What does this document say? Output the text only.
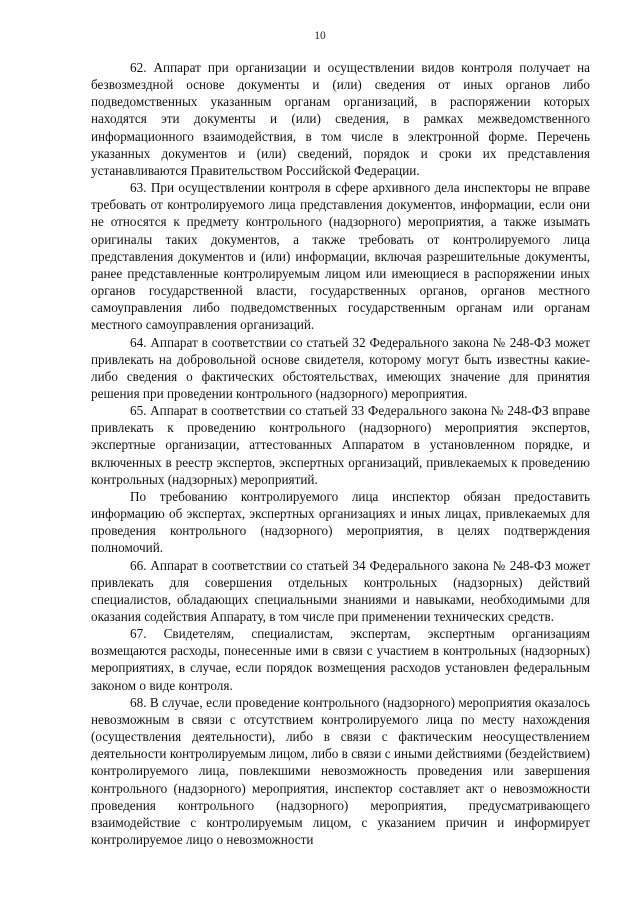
10

62. Аппарат при организации и осуществлении видов контроля получает на безвозмездной основе документы и (или) сведения от иных органов либо подведомственных указанным органам организаций, в распоряжении которых находятся эти документы и (или) сведения, в рамках межведомственного информационного взаимодействия, в том числе в электронной форме. Перечень указанных документов и (или) сведений, порядок и сроки их представления устанавливаются Правительством Российской Федерации.

63. При осуществлении контроля в сфере архивного дела инспекторы не вправе требовать от контролируемого лица представления документов, информации, если они не относятся к предмету контрольного (надзорного) мероприятия, а также изымать оригиналы таких документов, а также требовать от контролируемого лица представления документов и (или) информации, включая разрешительные документы, ранее представленные контролируемым лицом или имеющиеся в распоряжении иных органов государственной власти, государственных органов, органов местного самоуправления либо подведомственных государственным органам или органам местного самоуправления организаций.

64. Аппарат в соответствии со статьей 32 Федерального закона № 248-ФЗ может привлекать на добровольной основе свидетеля, которому могут быть известны какие-либо сведения о фактических обстоятельствах, имеющих значение для принятия решения при проведении контрольного (надзорного) мероприятия.

65. Аппарат в соответствии со статьей 33 Федерального закона № 248-ФЗ вправе привлекать к проведению контрольного (надзорного) мероприятия экспертов, экспертные организации, аттестованных Аппаратом в установленном порядке, и включенных в реестр экспертов, экспертных организаций, привлекаемых к проведению контрольных (надзорных) мероприятий.

По требованию контролируемого лица инспектор обязан предоставить информацию об экспертах, экспертных организациях и иных лицах, привлекаемых для проведения контрольного (надзорного) мероприятия, в целях подтверждения полномочий.

66. Аппарат в соответствии со статьей 34 Федерального закона № 248-ФЗ может привлекать для совершения отдельных контрольных (надзорных) действий специалистов, обладающих специальными знаниями и навыками, необходимыми для оказания содействия Аппарату, в том числе при применении технических средств.

67. Свидетелям, специалистам, экспертам, экспертным организациям возмещаются расходы, понесенные ими в связи с участием в контрольных (надзорных) мероприятиях, в случае, если порядок возмещения расходов установлен федеральным законом о виде контроля.

68. В случае, если проведение контрольного (надзорного) мероприятия оказалось невозможным в связи с отсутствием контролируемого лица по месту нахождения (осуществления деятельности), либо в связи с фактическим неосуществлением деятельности контролируемым лицом, либо в связи с иными действиями (бездействием) контролируемого лица, повлекшими невозможность проведения или завершения контрольного (надзорного) мероприятия, инспектор составляет акт о невозможности проведения контрольного (надзорного) мероприятия, предусматривающего взаимодействие с контролируемым лицом, с указанием причин и информирует контролируемое лицо о невозможности
